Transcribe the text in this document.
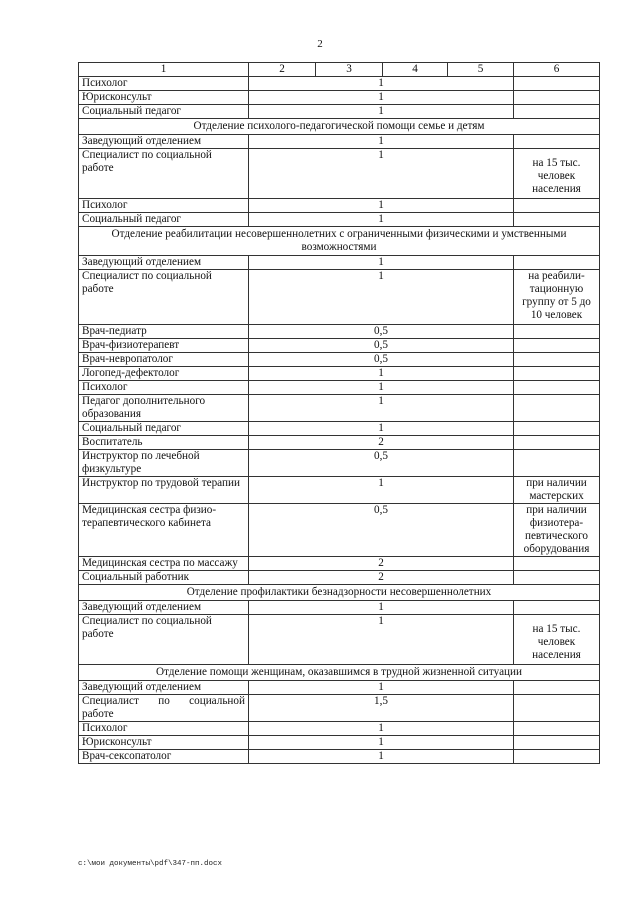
2
1	2	3	4	5	6
Психолог	1				
Юрисконсульт	1				
Социальный педагог	1				
Отделение психолого-педагогической помощи семье и детям					
Заведующий отделением	1				
Специалист по социальной работе	1				на 15 тыс. человек населения
Психолог	1				
Социальный педагог	1				
Отделение реабилитации несовершеннолетних с ограниченными физическими и умственными возможностями					
Заведующий отделением	1				
Специалист по социальной работе	1				на реабили-тационную группу от 5 до 10 человек
Врач-педиатр	0,5				
Врач-физиотерапевт	0,5				
Врач-невропатолог	0,5				
Логопед-дефектолог	1				
Психолог	1				
Педагог дополнительного образования	1				
Социальный педагог	1				
Воспитатель	2				
Инструктор по лечебной физкультуре	0,5				
Инструктор по трудовой терапии	1				при наличии мастерских
Медицинская сестра физио-терапевтического кабинета	0,5				при наличии физиотера-певтического оборудования
Медицинская сестра по массажу	2				
Социальный работник	2				
Отделение профилактики безнадзорности несовершеннолетних					
Заведующий отделением	1				
Специалист по социальной работе	1				на 15 тыс. человек населения
Отделение помощи женщинам, оказавшимся в трудной жизненной ситуации					
Заведующий отделением	1				
Специалист по социальной работе	1,5				
Психолог	1				
Юрисконсульт	1				
Врач-сексопатолог	1				
c:\мои документы\pdf\347-пп.docx
